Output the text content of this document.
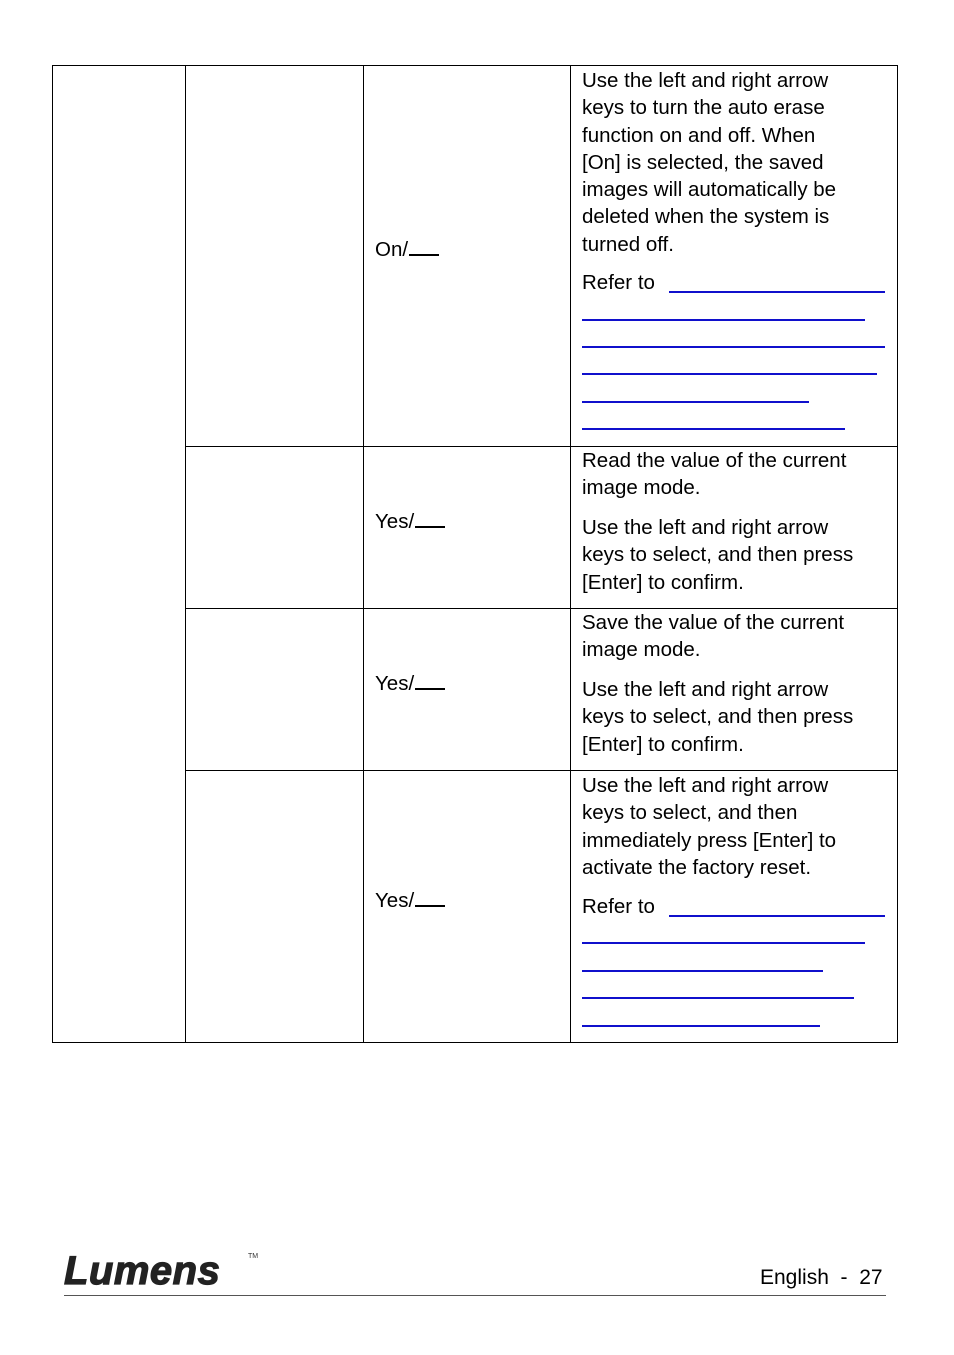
On/
Use the left and right arrow
keys to turn the auto erase
function on and off. When
[On] is selected, the saved
images will automatically be
deleted when the system is
turned off.
Refer to
Yes/
Read the value of the current
image mode.
Use the left and right arrow
keys to select, and then press
[Enter] to confirm.
Yes/
Save the value of the current
image mode.
Use the left and right arrow
keys to select, and then press
[Enter] to confirm.
Yes/
Use the left and right arrow
keys to select, and then
immediately press [Enter] to
activate the factory reset.
Refer to
Lumens	TM
English  -  27
